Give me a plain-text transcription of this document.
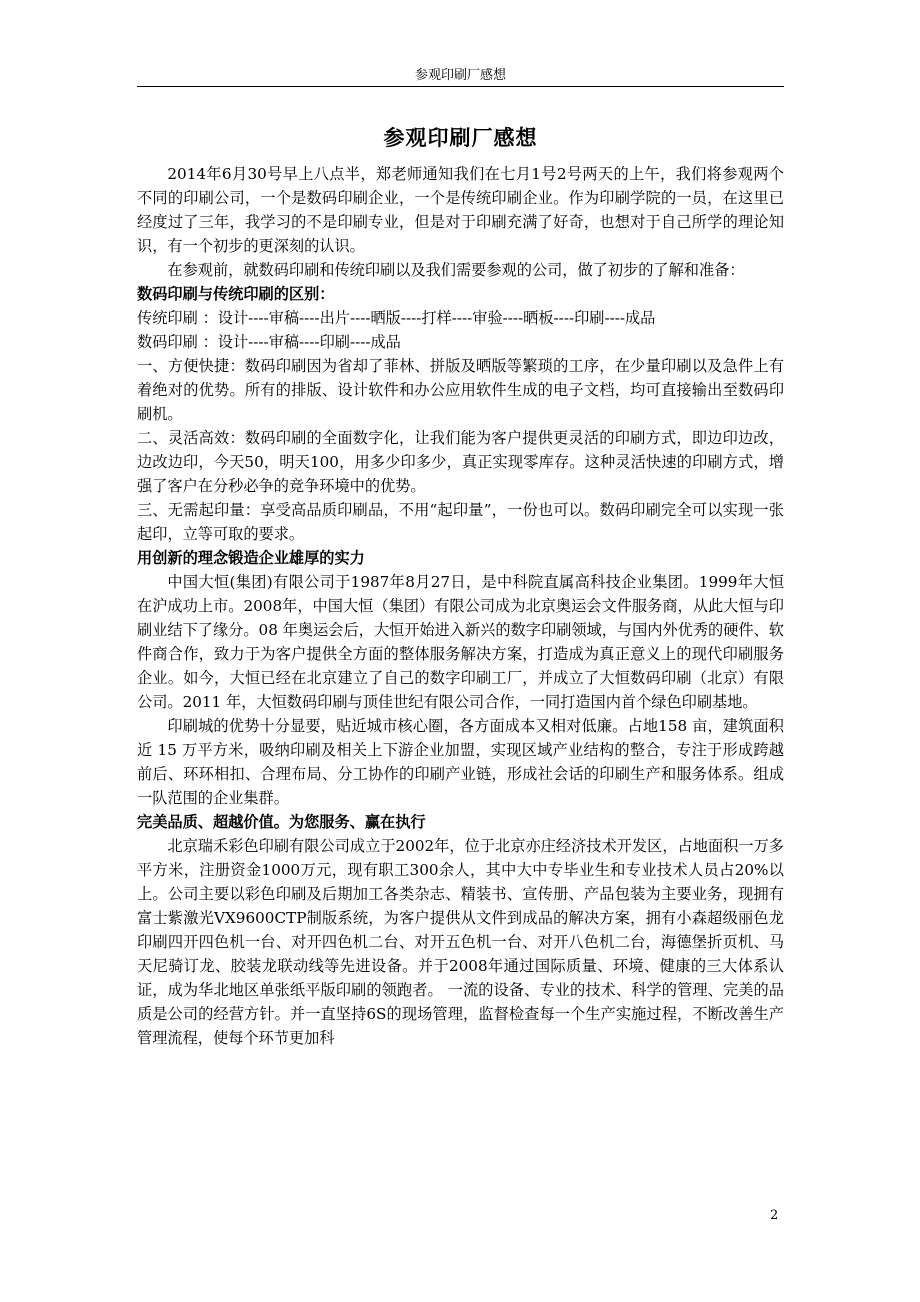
参观印刷厂感想
参观印刷厂感想

2014年6月30号早上八点半，郑老师通知我们在七月1号2号两天的上午，我们将参观两个不同的印刷公司，一个是数码印刷企业，一个是传统印刷企业。作为印刷学院的一员，在这里已经度过了三年，我学习的不是印刷专业，但是对于印刷充满了好奇，也想对于自己所学的理论知识，有一个初步的更深刻的认识。

在参观前，就数码印刷和传统印刷以及我们需要参观的公司，做了初步的了解和准备：

数码印刷与传统印刷的区别：

传统印刷 ：设计----审稿----出片----晒版----打样----审验----晒板----印刷----成品

数码印刷 ：设计----审稿----印刷----成品

一、方便快捷：数码印刷因为省却了菲林、拼版及晒版等繁琐的工序，在少量印刷以及急件上有着绝对的优势。所有的排版、设计软件和办公应用软件生成的电子文档，均可直接输出至数码印刷机。

二、灵活高效：数码印刷的全面数字化，让我们能为客户提供更灵活的印刷方式，即边印边改，边改边印，今天50，明天100，用多少印多少，真正实现零库存。这种灵活快速的印刷方式，增强了客户在分秒必争的竞争环境中的优势。

三、无需起印量：享受高品质印刷品，不用“起印量”，一份也可以。数码印刷完全可以实现一张起印，立等可取的要求。

用创新的理念锻造企业雄厚的实力

中国大恒(集团)有限公司于1987年8月27日，是中科院直属高科技企业集团。1999年大恒在沪成功上市。2008年，中国大恒（集团）有限公司成为北京奥运会文件服务商，从此大恒与印刷业结下了缘分。08 年奥运会后，大恒开始进入新兴的数字印刷领域，与国内外优秀的硬件、软件商合作，致力于为客户提供全方面的整体服务解决方案，打造成为真正意义上的现代印刷服务企业。如今，大恒已经在北京建立了自己的数字印刷工厂，并成立了大恒数码印刷（北京）有限公司。2011 年，大恒数码印刷与顶佳世纪有限公司合作，一同打造国内首个绿色印刷基地。

印刷城的优势十分显要，贴近城市核心圈，各方面成本又相对低廉。占地158 亩，建筑面积近 15 万平方米，吸纳印刷及相关上下游企业加盟，实现区域产业结构的整合，专注于形成跨越前后、环环相扣、合理布局、分工协作的印刷产业链，形成社会话的印刷生产和服务体系。组成一队范围的企业集群。

完美品质、超越价值。为您服务、赢在执行

北京瑞禾彩色印刷有限公司成立于2002年，位于北京亦庄经济技术开发区，占地面积一万多平方米，注册资金1000万元，现有职工300余人，其中大中专毕业生和专业技术人员占20%以上。公司主要以彩色印刷及后期加工各类杂志、精装书、宣传册、产品包装为主要业务，现拥有富士紫激光VX9600CTP制版系统，为客户提供从文件到成品的解决方案，拥有小森超级丽色龙印刷四开四色机一台、对开四色机二台、对开五色机一台、对开八色机二台，海德堡折页机、马天尼骑订龙、胶装龙联动线等先进设备。并于2008年通过国际质量、环境、健康的三大体系认证，成为华北地区单张纸平版印刷的领跑者。 一流的设备、专业的技术、科学的管理、完美的品质是公司的经营方针。并一直坚持6S的现场管理，监督检查每一个生产实施过程，不断改善生产管理流程，使每个环节更加科

2
